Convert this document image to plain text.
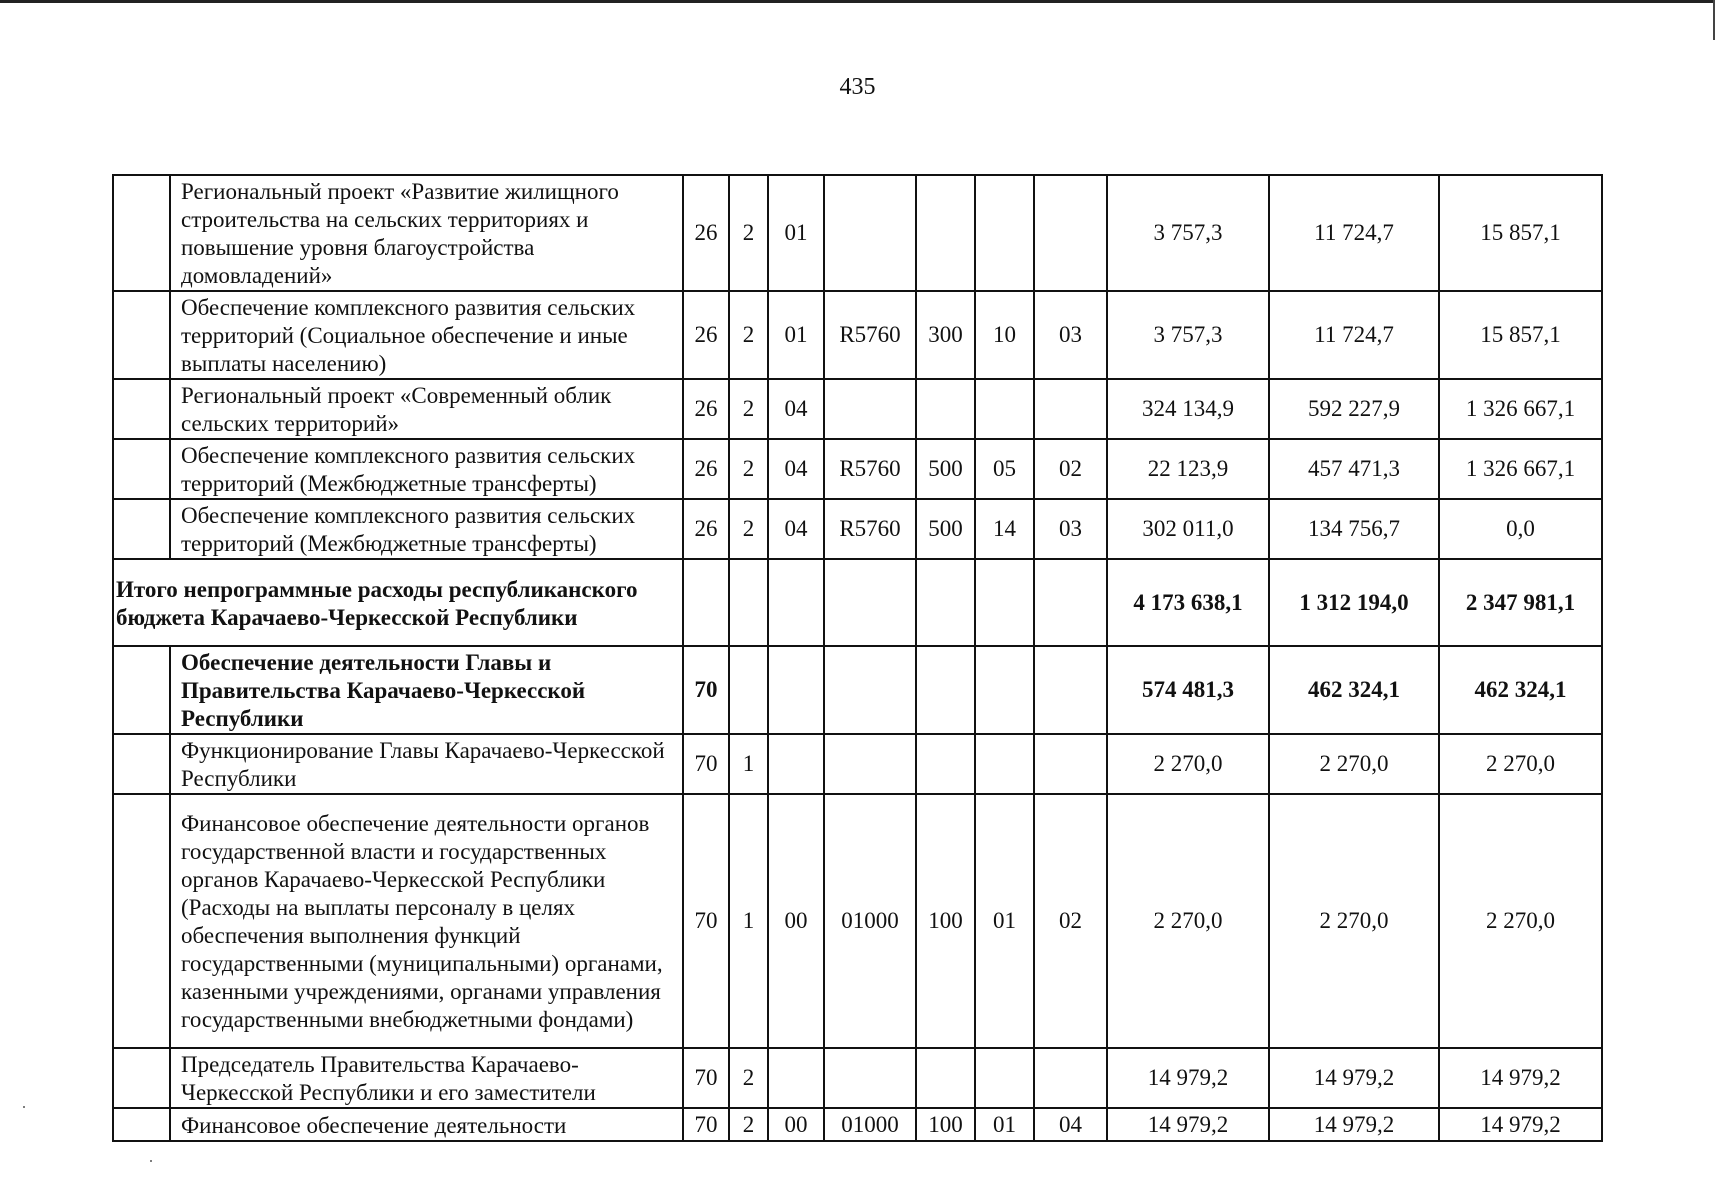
435
	Региональный проект «Развитие жилищного строительства на сельских территориях и повышение уровня благоустройства домовладений»	26	2	01					3 757,3	11 724,7	15 857,1
	Обеспечение комплексного развития сельских территорий (Социальное обеспечение и иные выплаты населению)	26	2	01	R5760	300	10	03	3 757,3	11 724,7	15 857,1
	Региональный проект «Современный облик сельских территорий»	26	2	04					324 134,9	592 227,9	1 326 667,1
	Обеспечение комплексного развития сельских территорий (Межбюджетные трансферты)	26	2	04	R5760	500	05	02	22 123,9	457 471,3	1 326 667,1
	Обеспечение комплексного развития сельских территорий (Межбюджетные трансферты)	26	2	04	R5760	500	14	03	302 011,0	134 756,7	0,0
Итого непрограммные расходы республиканского бюджета Карачаево-Черкесской Республики									4 173 638,1	1 312 194,0	2 347 981,1
	Обеспечение деятельности Главы и Правительства Карачаево-Черкесской Республики	70							574 481,3	462 324,1	462 324,1
	Функционирование Главы Карачаево-Черкесской Республики	70	1						2 270,0	2 270,0	2 270,0
	Финансовое обеспечение деятельности органов государственной власти и государственных органов Карачаево-Черкесской Республики (Расходы на выплаты персоналу в целях обеспечения выполнения функций государственными (муниципальными) органами, казенными учреждениями, органами управления государственными внебюджетными фондами)	70	1	00	01000	100	01	02	2 270,0	2 270,0	2 270,0
	Председатель Правительства Карачаево-Черкесской Республики и его заместители	70	2						14 979,2	14 979,2	14 979,2
	Финансовое обеспечение деятельности	70	2	00	01000	100	01	04	14 979,2	14 979,2	14 979,2
